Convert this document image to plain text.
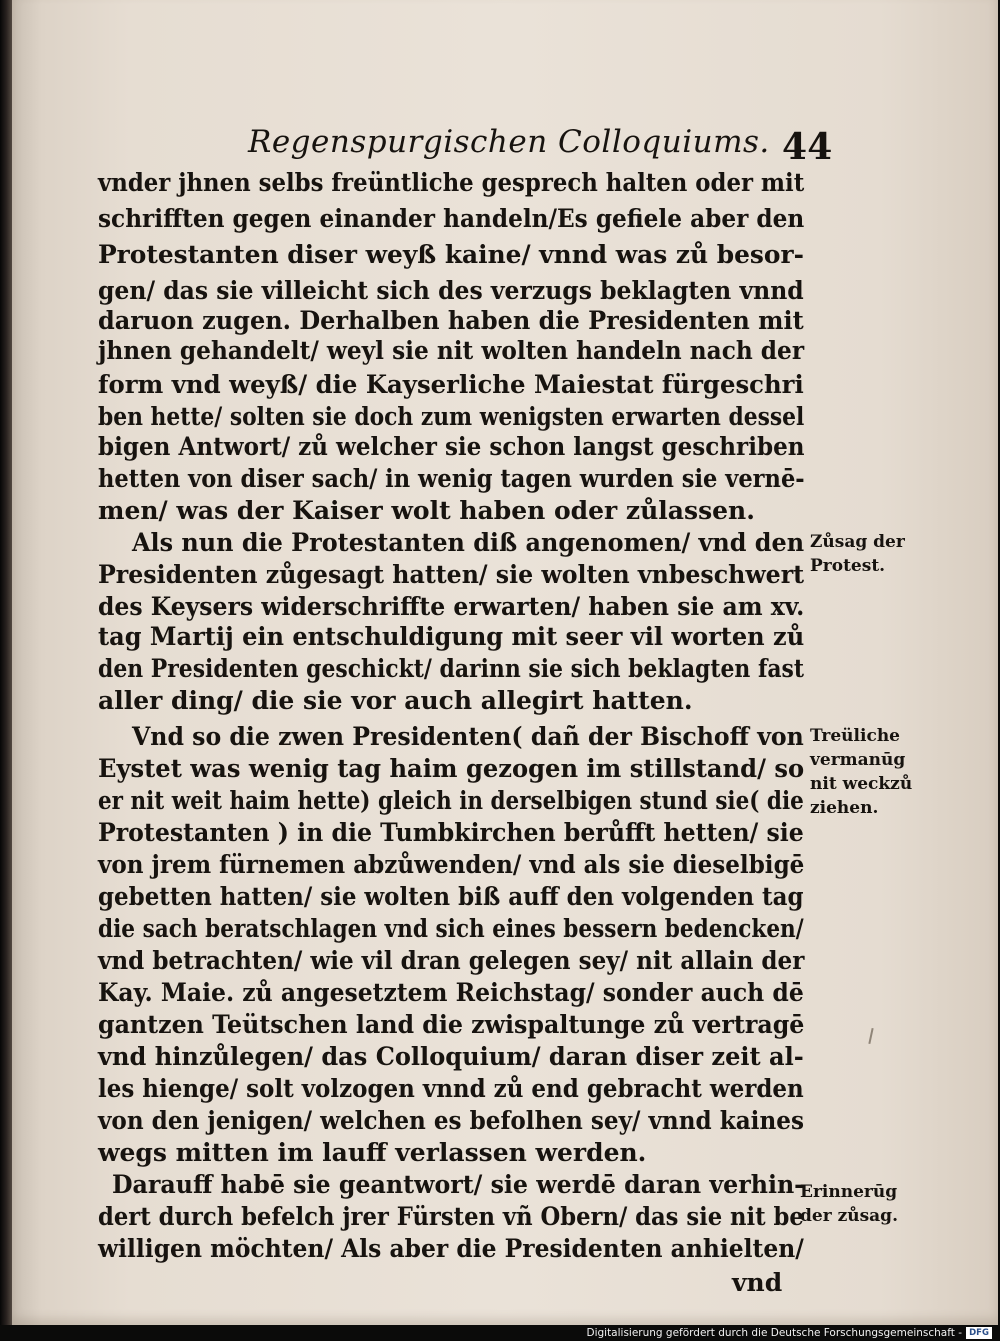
Regenspurgischen Colloquiums. 44
vnder jhnen selbs freüntliche gesprech halten oder mit
schrifften gegen einander handeln/Es gefiele aber den
Protestanten diser weyß kaine/ vnnd was zů besor-
gen/ das sie villeicht sich des verzugs beklagten vnnd
daruon zugen. Derhalben haben die Presidenten mit
jhnen gehandelt/ weyl sie nit wolten handeln nach der
form vnd weyß/ die Kayserliche Maiestat fürgeschri
ben hette/ solten sie doch zum wenigsten erwarten dessel
bigen Antwort/ zů welcher sie schon langst geschriben
hetten von diser sach/ in wenig tagen wurden sie vernē-
men/ was der Kaiser wolt haben oder zůlassen.
Als nun die Protestanten diß angenomen/ vnd den
Presidenten zůgesagt hatten/ sie wolten vnbeschwert
des Keysers widerschriffte erwarten/ haben sie am xv.
tag Martij ein entschuldigung mit seer vil worten zů
den Presidenten geschickt/ darinn sie sich beklagten fast
aller ding/ die sie vor auch allegirt hatten.
Vnd so die zwen Presidenten( dañ der Bischoff von
Eystet was wenig tag haim gezogen im stillstand/ so
er nit weit haim hette) gleich in derselbigen stund sie( die
Protestanten ) in die Tumbkirchen berůfft hetten/ sie
von jrem fürnemen abzůwenden/ vnd als sie dieselbigē
gebetten hatten/ sie wolten biß auff den volgenden tag
die sach beratschlagen vnd sich eines bessern bedencken/
vnd betrachten/ wie vil dran gelegen sey/ nit allain der
Kay. Maie. zů angesetztem Reichstag/ sonder auch dē
gantzen Teütschen land die zwispaltunge zů vertragē
vnd hinzůlegen/ das Colloquium/ daran diser zeit al-
les hienge/ solt volzogen vnnd zů end gebracht werden
von den jenigen/ welchen es befolhen sey/ vnnd kaines
wegs mitten im lauff verlassen werden.
Darauff habē sie geantwort/ sie werdē daran verhin-
dert durch befelch jrer Fürsten vñ Obern/ das sie nit be
willigen möchten/ Als aber die Presidenten anhielten/
vnd
Zůsag der
Protest.
Treüliche
vermanūg
nit weckzů
ziehen.
Erinnerūg
der zůsag.
Digitalisierung gefördert durch die Deutsche Forschungsgemeinschaft - DFG
